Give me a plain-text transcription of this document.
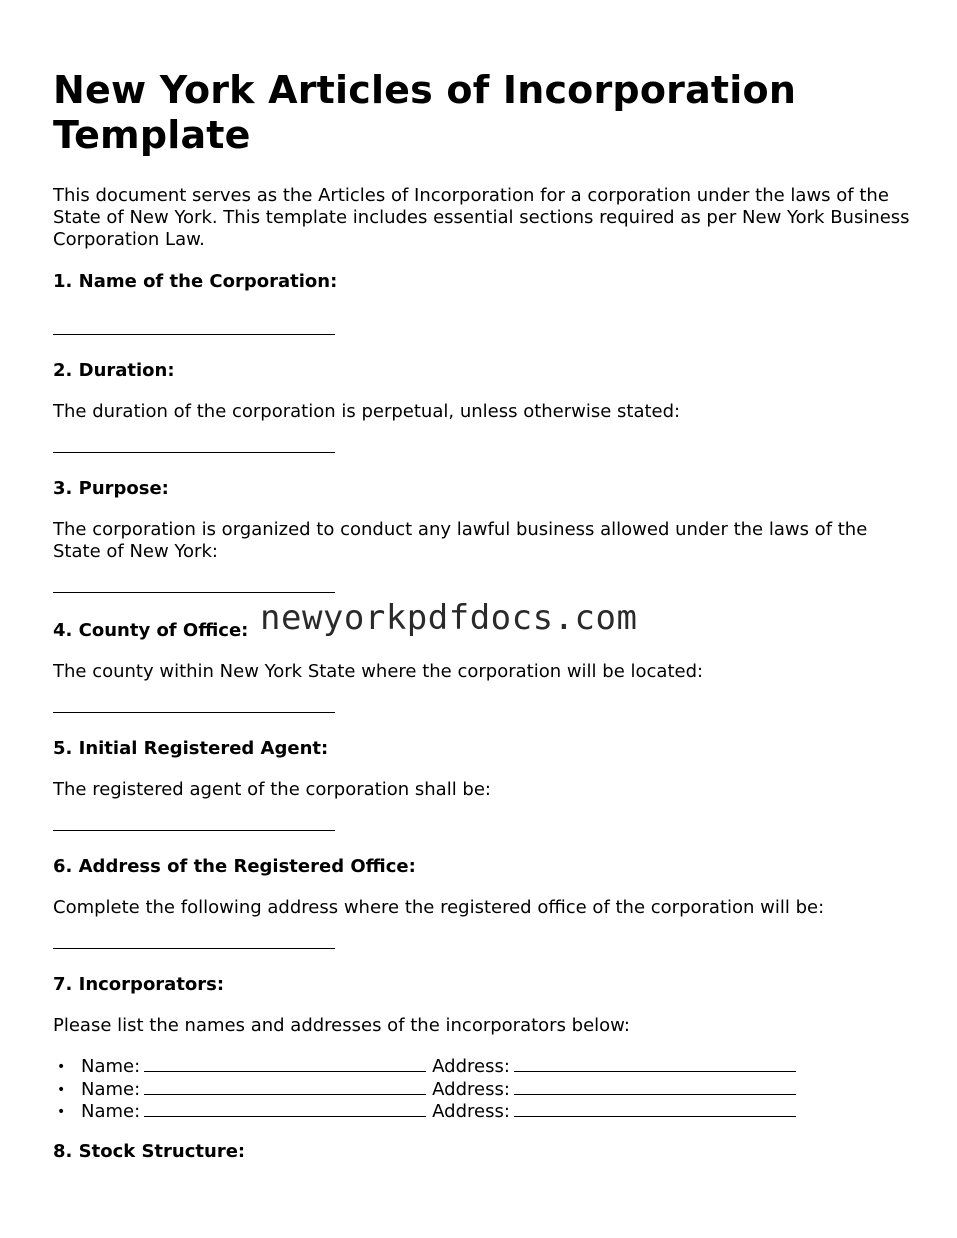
New York Articles of Incorporation Template

This document serves as the Articles of Incorporation for a corporation under the laws of the State of New York. This template includes essential sections required as per New York Business Corporation Law.

1. Name of the Corporation:
2. Duration:

The duration of the corporation is perpetual, unless otherwise stated:

3. Purpose:

The corporation is organized to conduct any lawful business allowed under the laws of the State of New York:

4. County of Office:

The county within New York State where the corporation will be located:

5. Initial Registered Agent:

The registered agent of the corporation shall be:

6. Address of the Registered Office:

Complete the following address where the registered office of the corporation will be:

7. Incorporators:

Please list the names and addresses of the incorporators below:

• Name:	Address:
• Name:	Address:
• Name:	Address:
8. Stock Structure:
newyorkpdfdocs.com
